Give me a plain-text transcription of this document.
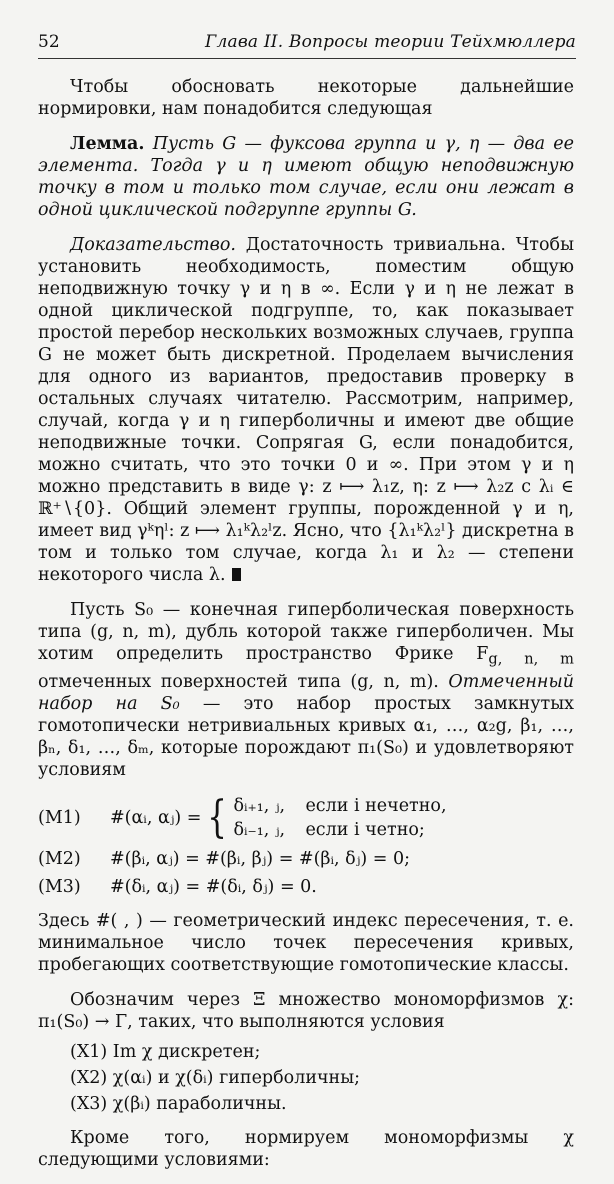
52	Глава II. Вопросы теории Тейхмюллера

Чтобы обосновать некоторые дальнейшие нормировки, нам понадобится следующая

Лемма. Пусть G — фуксова группа и γ, η — два ее элемента. Тогда γ и η имеют общую неподвижную точку в том и только том случае, если они лежат в одной циклической подгруппе группы G.

Доказательство. Достаточность тривиальна. Чтобы установить необходимость, поместим общую неподвижную точку γ и η в ∞. Если γ и η не лежат в одной циклической подгруппе, то, как показывает простой перебор нескольких возможных случаев, группа G не может быть дискретной. Проделаем вычисления для одного из вариантов, предоставив проверку в остальных случаях читателю. Рассмотрим, например, случай, когда γ и η гиперболичны и имеют две общие неподвижные точки. Сопрягая G, если понадобится, можно считать, что это точки 0 и ∞. При этом γ и η можно представить в виде γ: z ⟼ λ₁z, η: z ⟼ λ₂z с λᵢ ∈ ℝ⁺∖{0}. Общий элемент группы, порожденной γ и η, имеет вид γᵏηˡ: z ⟼ λ₁ᵏλ₂ˡz. Ясно, что {λ₁ᵏλ₂ˡ} дискретна в том и только том случае, когда λ₁ и λ₂ — степени некоторого числа λ.

Пусть S₀ — конечная гиперболическая поверхность типа (g, n, m), дубль которой также гиперболичен. Мы хотим определить пространство Фрике $F_{g, n, m}$ отмеченных поверхностей типа (g, n, m). Отмеченный набор на S₀ — это набор простых замкнутых гомотопически нетривиальных кривых α₁, …, α₂g, β₁, …, βₙ, δ₁, …, δₘ, которые порождают π₁(S₀) и удовлетворяют условиям

(M1)	#(αᵢ, αⱼ) = { δᵢ₊₁, ⱼ, если i нечетно,
δᵢ₋₁, ⱼ, если i четно;
(M2)	#(βᵢ, αⱼ) = #(βᵢ, βⱼ) = #(βᵢ, δⱼ) = 0;
(M3)	#(δᵢ, αⱼ) = #(δᵢ, δⱼ) = 0.

Здесь #( , ) — геометрический индекс пересечения, т. е. минимальное число точек пересечения кривых, пробегающих соответствующие гомотопические классы.

Обозначим через Ξ множество мономорфизмов χ: π₁(S₀) → Γ, таких, что выполняются условия

(X1) Im χ дискретен;
(X2) χ(αᵢ) и χ(δᵢ) гиперболичны;
(X3) χ(βᵢ) параболичны.

Кроме того, нормируем мономорфизмы χ следующими условиями:
